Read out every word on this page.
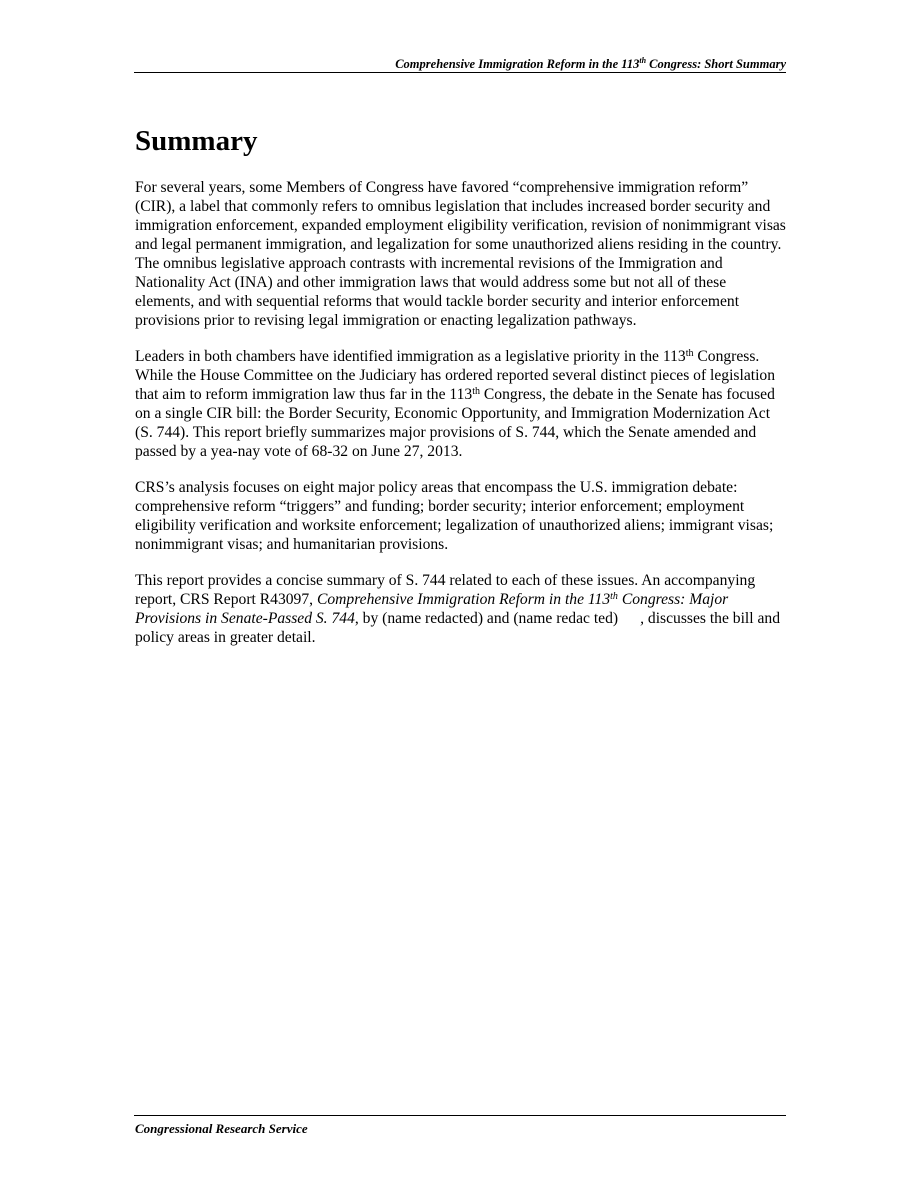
Comprehensive Immigration Reform in the 113th Congress: Short Summary
Summary

For several years, some Members of Congress have favored “comprehensive immigration reform” (CIR), a label that commonly refers to omnibus legislation that includes increased border security and immigration enforcement, expanded employment eligibility verification, revision of nonimmigrant visas and legal permanent immigration, and legalization for some unauthorized aliens residing in the country. The omnibus legislative approach contrasts with incremental revisions of the Immigration and Nationality Act (INA) and other immigration laws that would address some but not all of these elements, and with sequential reforms that would tackle border security and interior enforcement provisions prior to revising legal immigration or enacting legalization pathways.

Leaders in both chambers have identified immigration as a legislative priority in the 113th Congress. While the House Committee on the Judiciary has ordered reported several distinct pieces of legislation that aim to reform immigration law thus far in the 113th Congress, the debate in the Senate has focused on a single CIR bill: the Border Security, Economic Opportunity, and Immigration Modernization Act (S. 744). This report briefly summarizes major provisions of S. 744, which the Senate amended and passed by a yea-nay vote of 68-32 on June 27, 2013.

CRS’s analysis focuses on eight major policy areas that encompass the U.S. immigration debate: comprehensive reform “triggers” and funding; border security; interior enforcement; employment eligibility verification and worksite enforcement; legalization of unauthorized aliens; immigrant visas; nonimmigrant visas; and humanitarian provisions.

This report provides a concise summary of S. 744 related to each of these issues. An accompanying report, CRS Report R43097, Comprehensive Immigration Reform in the 113th Congress: Major Provisions in Senate-Passed S. 744, by (name redacted) and (name redac ted) , discusses the bill and policy areas in greater detail.

Congressional Research Service
